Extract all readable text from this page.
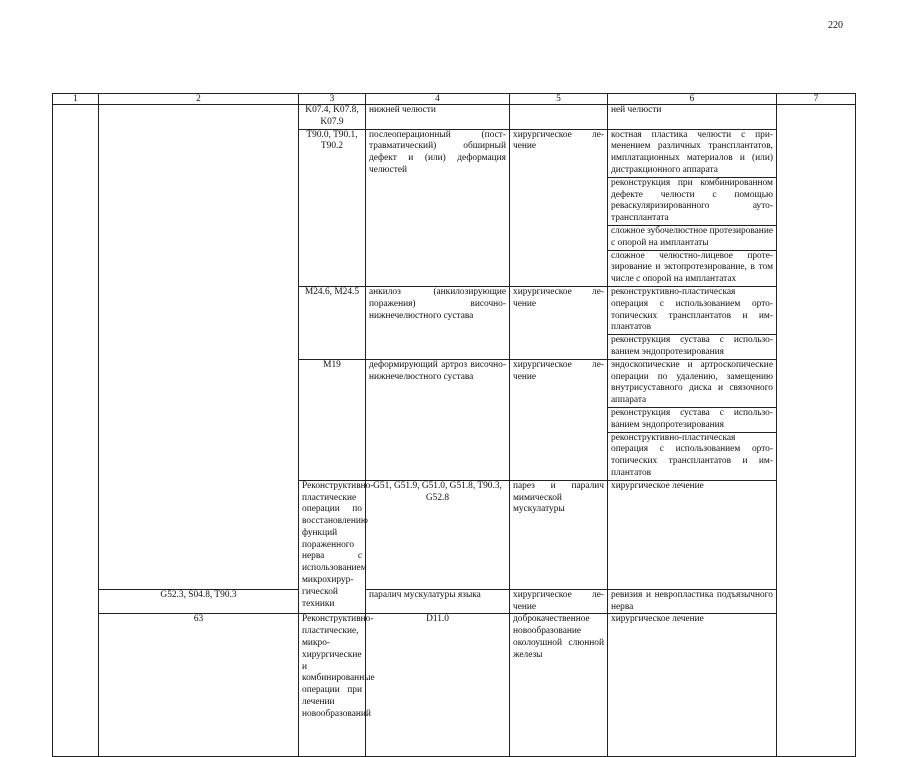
220
1	2	3	4	5	6	7	
		K07.4, K07.8, K07.9	нижней челюсти		ней челюсти		
		T90.0, T90.1, T90.2	послеоперационный (посттравматический) обширный дефект и (или) деформация челюстей	хирургическое лечение	костная пластика челюсти с применением различных трансплантатов, имплатационных материалов и (или) дистракционного аппарата		
					реконструкция при комбинированном дефекте челюсти с помощью реваскуляризированного аутотрансплантата		
					сложное зубочелюстное протезирование с опорой на имплантаты		
					сложное челюстно-лицевое протезирование и эктопротезирование, в том числе с опорой на имплантатах		
		M24.6, M24.5	анкилоз (анкилозирующие поражения) височно-нижнечелюстного сустава	хирургическое лечение	реконструктивно-пластическая операция с использованием ортотопических трансплантатов и имплантатов		
					реконструкция сустава с использованием эндопротезирования		
		M19	деформирующий артроз височно-нижнечелюстного сустава	хирургическое лечение	эндоскопические и артроскопические операции по удалению, замещению внутрисуставного диска и связочного аппарата		
					реконструкция сустава с использованием эндопротезирования		
					реконструктивно-пластическая операция с использованием ортотопических трансплантатов и имплантатов		
		Реконструктивно-пластические операции по восстановлению функций пораженного нерва с использованием микрохирургической техники	G51, G51.9, G51.0, G51.8, T90.3, G52.8	парез и паралич мимической мускулатуры	хирургическое лечение	

	G52.3, S04.8, T90.3		паралич мускулатуры языка	хирургическое лечение	ревизия и невропластика подъязычного нерва		
	63	Реконструктивно-пластические, микрохирургические и комбинированные операции при лечении новообразований	D11.0	доброкачественное новообразование околоушной слюнной железы	хирургическое лечение		
